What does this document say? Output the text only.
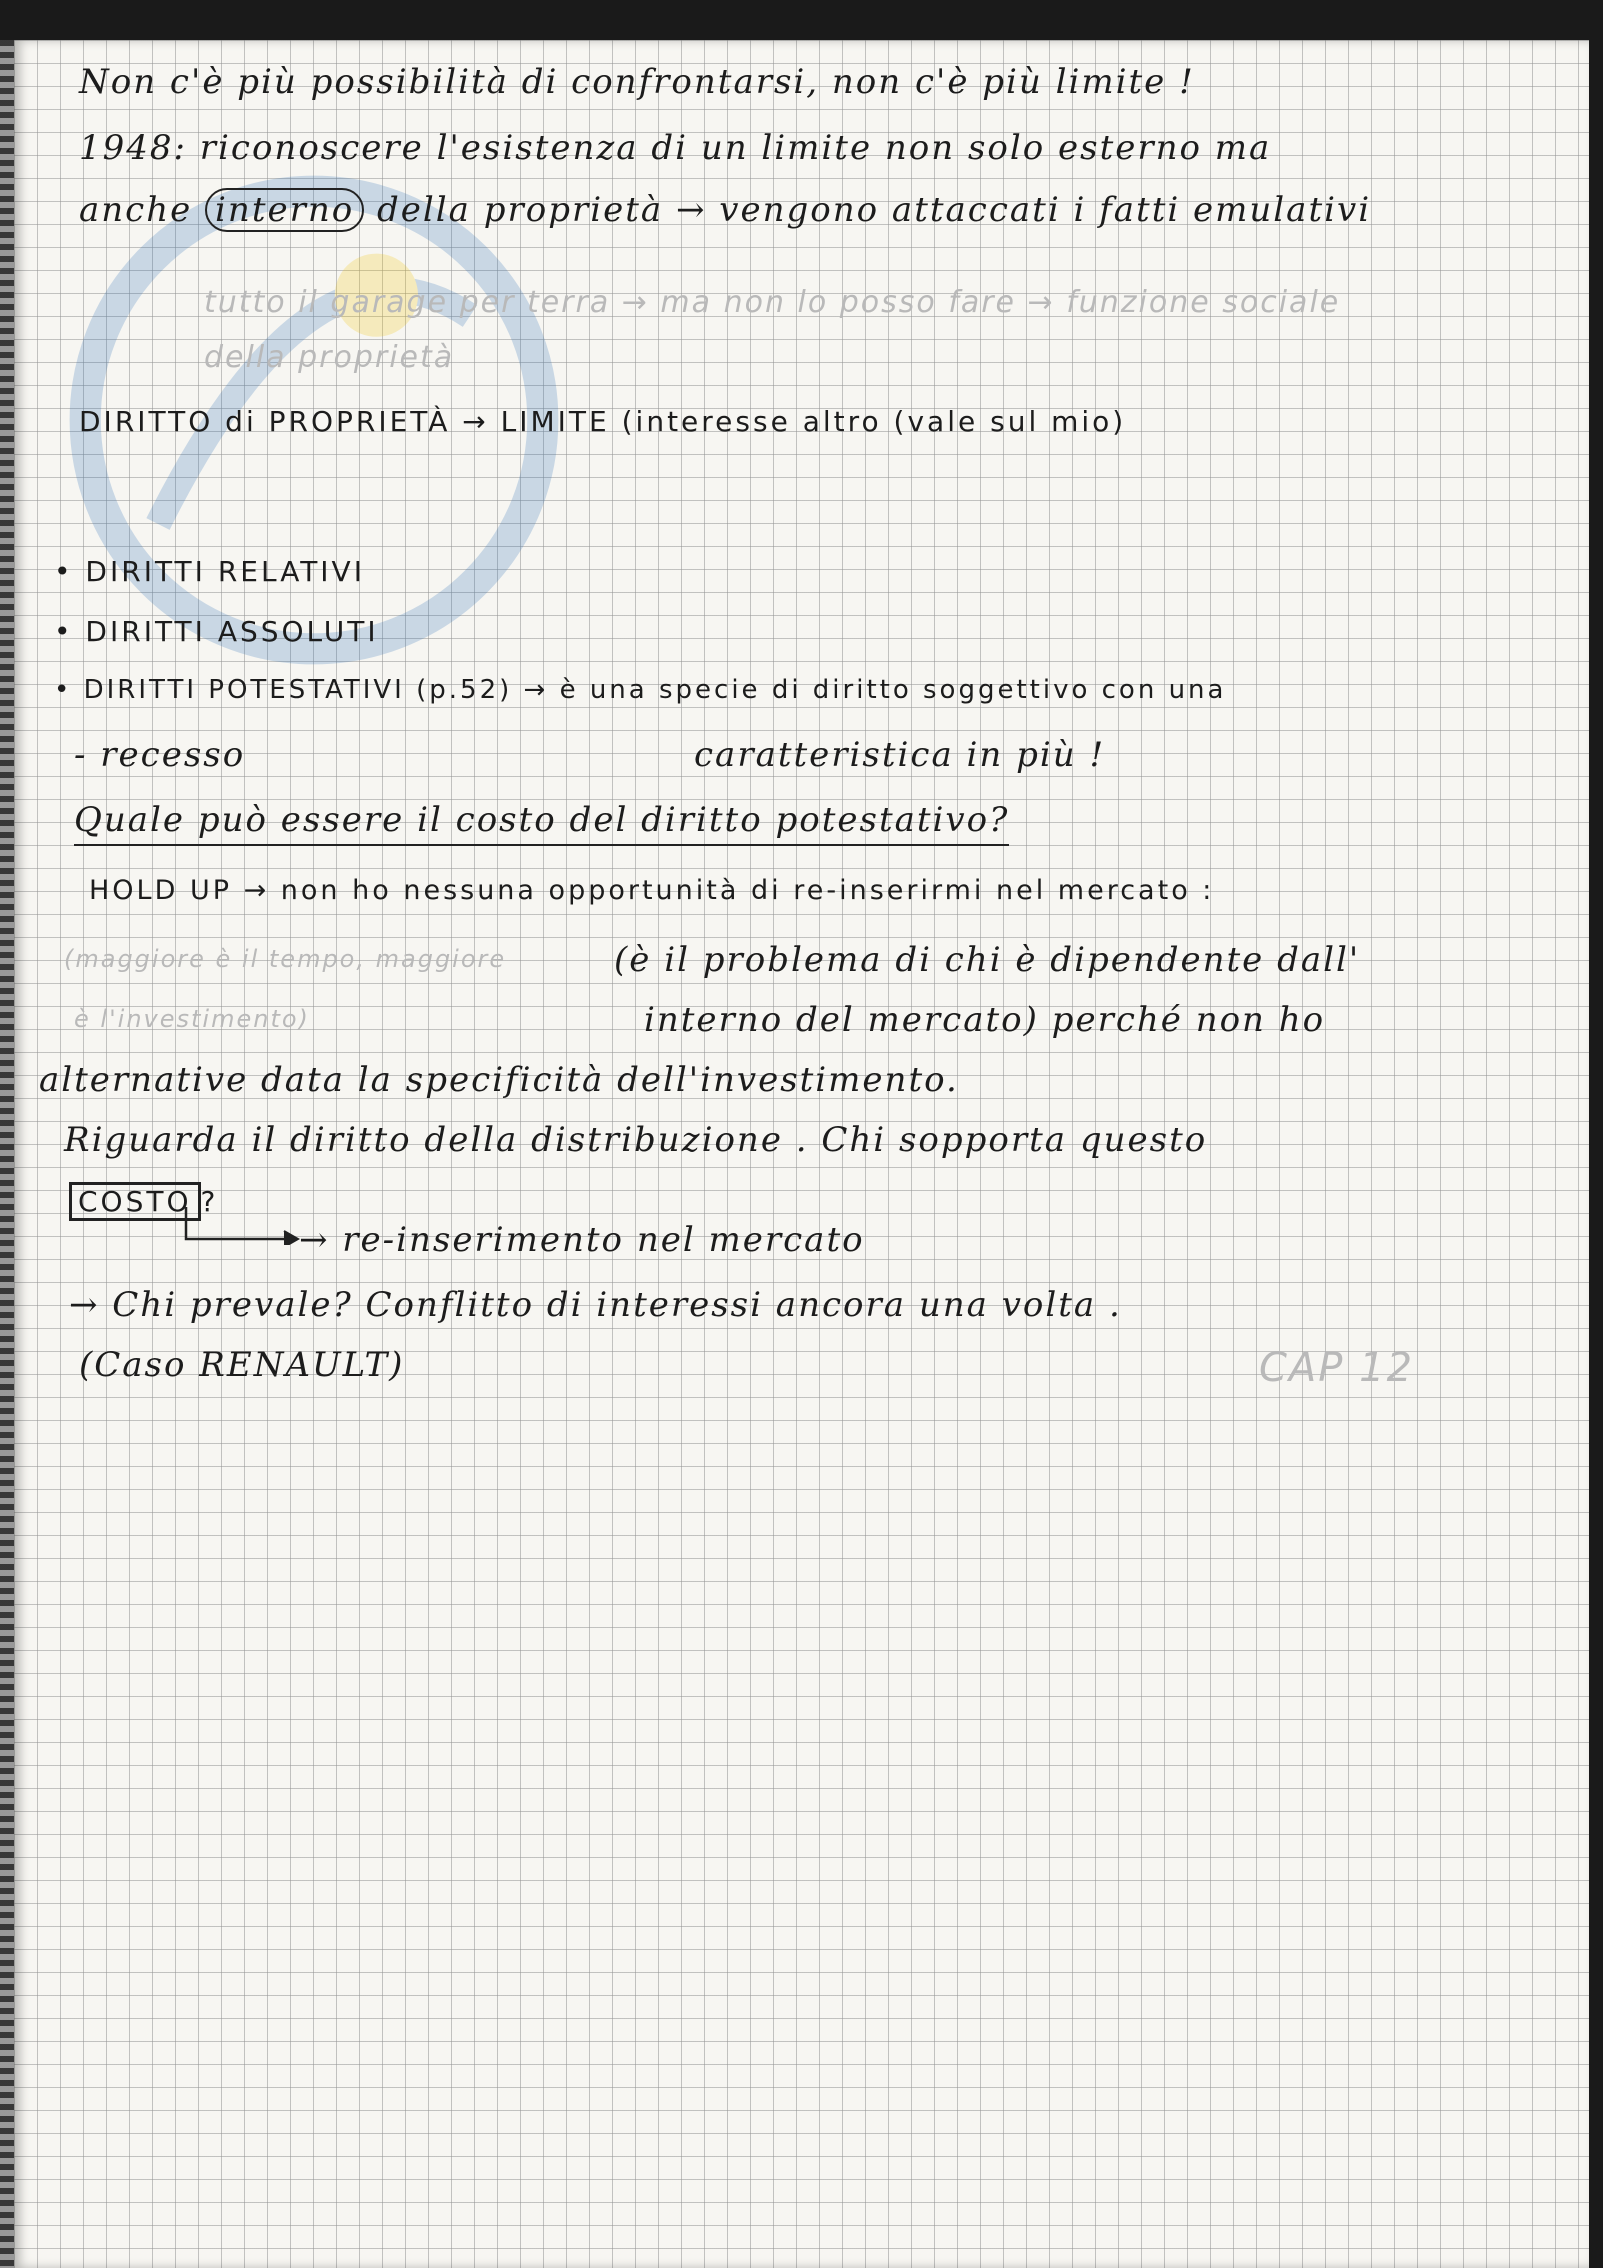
Non c'è più possibilità di confrontarsi, non c'è più limite !
1948: riconoscere l'esistenza di un limite non solo esterno ma
anche interno della proprietà → vengono attaccati i fatti emulativi
tutto il garage per terra → ma non lo posso fare → funzione sociale
della proprietà
DIRITTO di PROPRIETÀ → LIMITE (interesse altro (vale sul mio)
• DIRITTI RELATIVI
• DIRITTI ASSOLUTI
• DIRITTI POTESTATIVI (p.52) → è una specie di diritto soggettivo con una
- recesso	caratteristica in più !
Quale può essere il costo del diritto potestativo?
HOLD UP → non ho nessuna opportunità di re-inserirmi nel mercato :
(maggiore è il tempo, maggiore	(è il problema di chi è dipendente dall'
è l'investimento)	interno del mercato) perché non ho
alternative data la specificità dell'investimento.
Riguarda il diritto della distribuzione . Chi sopporta questo
COSTO ?
→ re-inserimento nel mercato
→ Chi prevale? Conflitto di interessi ancora una volta .
(Caso RENAULT)	CAP 12
